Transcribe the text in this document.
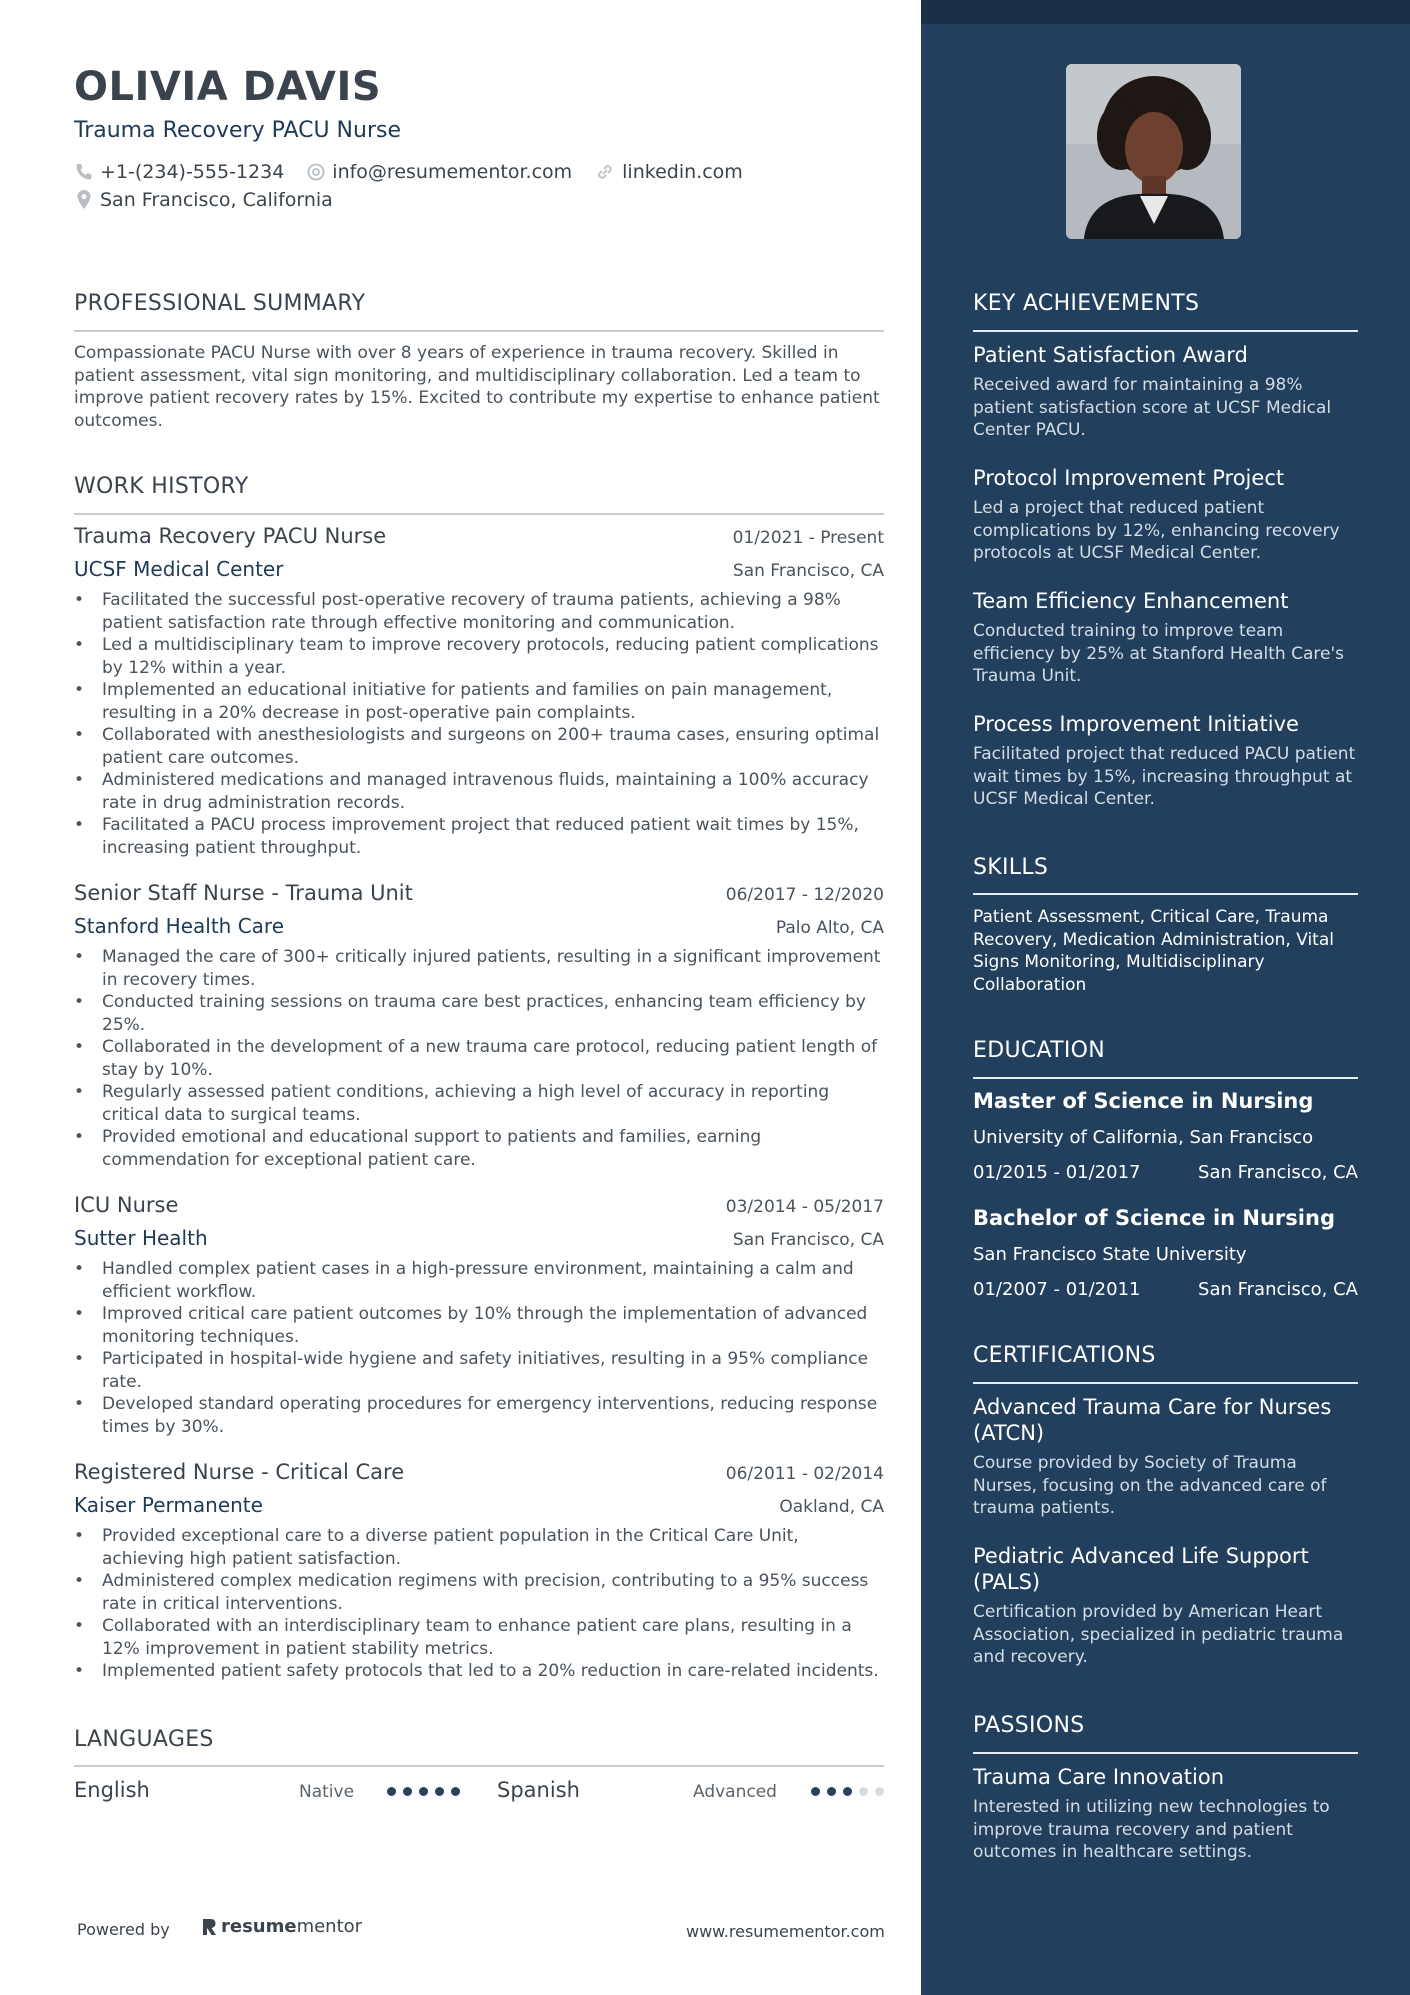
OLIVIA DAVIS
Trauma Recovery PACU Nurse
+1-(234)-555-1234	info@resumementor.com	linkedin.com
San Francisco, California
PROFESSIONAL SUMMARY
Compassionate PACU Nurse with over 8 years of experience in trauma recovery. Skilled in patient assessment, vital sign monitoring, and multidisciplinary collaboration. Led a team to improve patient recovery rates by 15%. Excited to contribute my expertise to enhance patient outcomes.
WORK HISTORY
Trauma Recovery PACU Nurse	01/2021 - Present
UCSF Medical Center	San Francisco, CA
• Facilitated the successful post-operative recovery of trauma patients, achieving a 98% patient satisfaction rate through effective monitoring and communication.
• Led a multidisciplinary team to improve recovery protocols, reducing patient complications by 12% within a year.
• Implemented an educational initiative for patients and families on pain management, resulting in a 20% decrease in post-operative pain complaints.
• Collaborated with anesthesiologists and surgeons on 200+ trauma cases, ensuring optimal patient care outcomes.
• Administered medications and managed intravenous fluids, maintaining a 100% accuracy rate in drug administration records.
• Facilitated a PACU process improvement project that reduced patient wait times by 15%, increasing patient throughput.
Senior Staff Nurse - Trauma Unit	06/2017 - 12/2020
Stanford Health Care	Palo Alto, CA
• Managed the care of 300+ critically injured patients, resulting in a significant improvement in recovery times.
• Conducted training sessions on trauma care best practices, enhancing team efficiency by 25%.
• Collaborated in the development of a new trauma care protocol, reducing patient length of stay by 10%.
• Regularly assessed patient conditions, achieving a high level of accuracy in reporting critical data to surgical teams.
• Provided emotional and educational support to patients and families, earning commendation for exceptional patient care.
ICU Nurse	03/2014 - 05/2017
Sutter Health	San Francisco, CA
• Handled complex patient cases in a high-pressure environment, maintaining a calm and efficient workflow.
• Improved critical care patient outcomes by 10% through the implementation of advanced monitoring techniques.
• Participated in hospital-wide hygiene and safety initiatives, resulting in a 95% compliance rate.
• Developed standard operating procedures for emergency interventions, reducing response times by 30%.
Registered Nurse - Critical Care	06/2011 - 02/2014
Kaiser Permanente	Oakland, CA
• Provided exceptional care to a diverse patient population in the Critical Care Unit, achieving high patient satisfaction.
• Administered complex medication regimens with precision, contributing to a 95% success rate in critical interventions.
• Collaborated with an interdisciplinary team to enhance patient care plans, resulting in a 12% improvement in patient stability metrics.
• Implemented patient safety protocols that led to a 20% reduction in care-related incidents.
LANGUAGES
English	Native	Spanish	Advanced
Powered by	resume mentor	www.resumementor.com
KEY ACHIEVEMENTS
Patient Satisfaction Award
Received award for maintaining a 98% patient satisfaction score at UCSF Medical Center PACU.
Protocol Improvement Project
Led a project that reduced patient complications by 12%, enhancing recovery protocols at UCSF Medical Center.
Team Efficiency Enhancement
Conducted training to improve team efficiency by 25% at Stanford Health Care's Trauma Unit.
Process Improvement Initiative
Facilitated project that reduced PACU patient wait times by 15%, increasing throughput at UCSF Medical Center.
SKILLS
Patient Assessment, Critical Care, Trauma Recovery, Medication Administration, Vital Signs Monitoring, Multidisciplinary Collaboration
EDUCATION
Master of Science in Nursing
University of California, San Francisco
01/2015 - 01/2017	San Francisco, CA
Bachelor of Science in Nursing
San Francisco State University
01/2007 - 01/2011	San Francisco, CA
CERTIFICATIONS
Advanced Trauma Care for Nurses (ATCN)
Course provided by Society of Trauma Nurses, focusing on the advanced care of trauma patients.
Pediatric Advanced Life Support (PALS)
Certification provided by American Heart Association, specialized in pediatric trauma and recovery.
PASSIONS
Trauma Care Innovation
Interested in utilizing new technologies to improve trauma recovery and patient outcomes in healthcare settings.
